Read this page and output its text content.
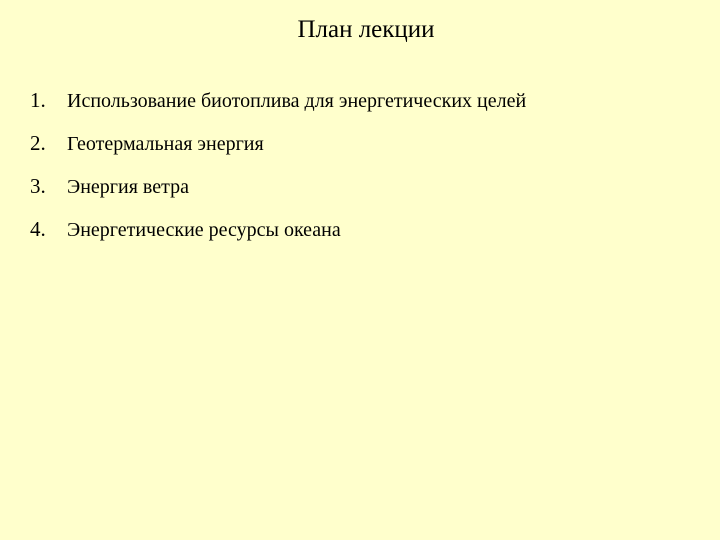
План лекции
1.	Использование биотоплива для энергетических целей
2.	Геотермальная энергия
3.	Энергия ветра
4.	Энергетические ресурсы океана
